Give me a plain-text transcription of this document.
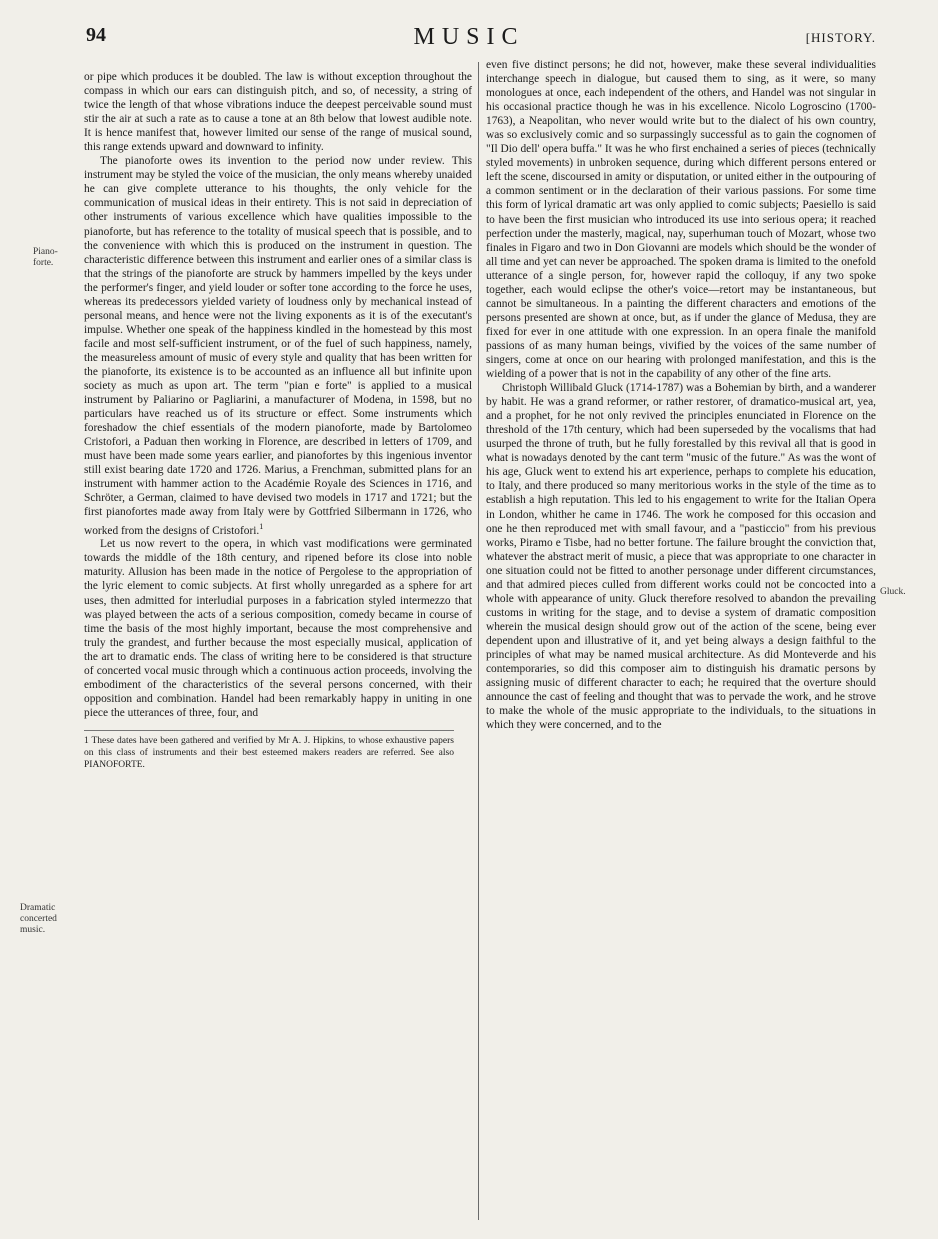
MUSIC	[HISTORY.
94
Piano-forte.
Dramatic concerted music.
Gluck.

or pipe which produces it be doubled. The law is without exception throughout the compass in which our ears can distinguish pitch, and so, of necessity, a string of twice the length of that whose vibrations induce the deepest perceivable sound must stir the air at such a rate as to cause a tone at an 8th below that lowest audible note. It is hence manifest that, however limited our sense of the range of musical sound, this range extends upward and downward to infinity.

The pianoforte owes its invention to the period now under review. This instrument may be styled the voice of the musician, the only means whereby unaided he can give complete utterance to his thoughts, the only vehicle for the communication of musical ideas in their entirety. This is not said in depreciation of other instruments of various excellence which have qualities impossible to the pianoforte, but has reference to the totality of musical speech that is possible, and to the convenience with which this is produced on the instrument in question. The characteristic difference between this instrument and earlier ones of a similar class is that the strings of the pianoforte are struck by hammers impelled by the keys under the performer's finger, and yield louder or softer tone according to the force he uses, whereas its predecessors yielded variety of loudness only by mechanical instead of personal means, and hence were not the living exponents as it is of the executant's impulse. Whether one speak of the happiness kindled in the homestead by this most facile and most self-sufficient instrument, or of the fuel of such happiness, namely, the measureless amount of music of every style and quality that has been written for the pianoforte, its existence is to be accounted as an influence all but infinite upon society as much as upon art. The term "pian e forte" is applied to a musical instrument by Paliarino or Pagliarini, a manufacturer of Modena, in 1598, but no particulars have reached us of its structure or effect. Some instruments which foreshadow the chief essentials of the modern pianoforte, made by Bartolomeo Cristofori, a Paduan then working in Florence, are described in letters of 1709, and must have been made some years earlier, and pianofortes by this ingenious inventor still exist bearing date 1720 and 1726. Marius, a Frenchman, submitted plans for an instrument with hammer action to the Académie Royale des Sciences in 1716, and Schröter, a German, claimed to have devised two models in 1717 and 1721; but the first pianofortes made away from Italy were by Gottfried Silbermann in 1726, who worked from the designs of Cristofori.$^1$

Let us now revert to the opera, in which vast modifications were germinated towards the middle of the 18th century, and ripened before its close into noble maturity. Allusion has been made in the notice of Pergolese to the appropriation of the lyric element to comic subjects. At first wholly unregarded as a sphere for art uses, then admitted for interludial purposes in a fabrication styled intermezzo that was played between the acts of a serious composition, comedy became in course of time the basis of the most highly important, because the most comprehensive and truly the grandest, and further because the most especially musical, application of the art to dramatic ends. The class of writing here to be considered is that structure of concerted vocal music through which a continuous action proceeds, involving the embodiment of the characteristics of the several persons concerned, with their opposition and combination. Handel had been remarkably happy in uniting in one piece the utterances of three, four, and

1 These dates have been gathered and verified by Mr A. J. Hipkins, to whose exhaustive papers on this class of instruments and their best esteemed makers readers are referred. See also PIANOFORTE.

even five distinct persons; he did not, however, make these several individualities interchange speech in dialogue, but caused them to sing, as it were, so many monologues at once, each independent of the others, and Handel was not singular in his occasional practice though he was in his excellence. Nicolo Logroscino (1700-1763), a Neapolitan, who never would write but to the dialect of his own country, was so exclusively comic and so surpassingly successful as to gain the cognomen of "Il Dio dell' opera buffa." It was he who first enchained a series of pieces (technically styled movements) in unbroken sequence, during which different persons entered or left the scene, discoursed in amity or disputation, or united either in the outpouring of a common sentiment or in the declaration of their various passions. For some time this form of lyrical dramatic art was only applied to comic subjects; Paesiello is said to have been the first musician who introduced its use into serious opera; it reached perfection under the masterly, magical, nay, superhuman touch of Mozart, whose two finales in Figaro and two in Don Giovanni are models which should be the wonder of all time and yet can never be approached. The spoken drama is limited to the onefold utterance of a single person, for, however rapid the colloquy, if any two spoke together, each would eclipse the other's voice—retort may be instantaneous, but cannot be simultaneous. In a painting the different characters and emotions of the persons presented are shown at once, but, as if under the glance of Medusa, they are fixed for ever in one attitude with one expression. In an opera finale the manifold passions of as many human beings, vivified by the voices of the same number of singers, come at once on our hearing with prolonged manifestation, and this is the wielding of a power that is not in the capability of any other of the fine arts.

Christoph Willibald Gluck (1714-1787) was a Bohemian by birth, and a wanderer by habit. He was a grand reformer, or rather restorer, of dramatico-musical art, yea, and a prophet, for he not only revived the principles enunciated in Florence on the threshold of the 17th century, which had been superseded by the vocalisms that had usurped the throne of truth, but he fully forestalled by this revival all that is good in what is nowadays denoted by the cant term "music of the future." As was the wont of his age, Gluck went to extend his art experience, perhaps to complete his education, to Italy, and there produced so many meritorious works in the style of the time as to establish a high reputation. This led to his engagement to write for the Italian Opera in London, whither he came in 1746. The work he composed for this occasion and one he then reproduced met with small favour, and a "pasticcio" from his previous works, Piramo e Tisbe, had no better fortune. The failure brought the conviction that, whatever the abstract merit of music, a piece that was appropriate to one character in one situation could not be fitted to another personage under different circumstances, and that admired pieces culled from different works could not be concocted into a whole with appearance of unity. Gluck therefore resolved to abandon the prevailing customs in writing for the stage, and to devise a system of dramatic composition wherein the musical design should grow out of the action of the scene, being ever dependent upon and illustrative of it, and yet being always a design faithful to the principles of what may be named musical architecture. As did Monteverde and his contemporaries, so did this composer aim to distinguish his dramatic persons by assigning music of different character to each; he required that the overture should announce the cast of feeling and thought that was to pervade the work, and he strove to make the whole of the music appropriate to the individuals, to the situations in which they were concerned, and to the
